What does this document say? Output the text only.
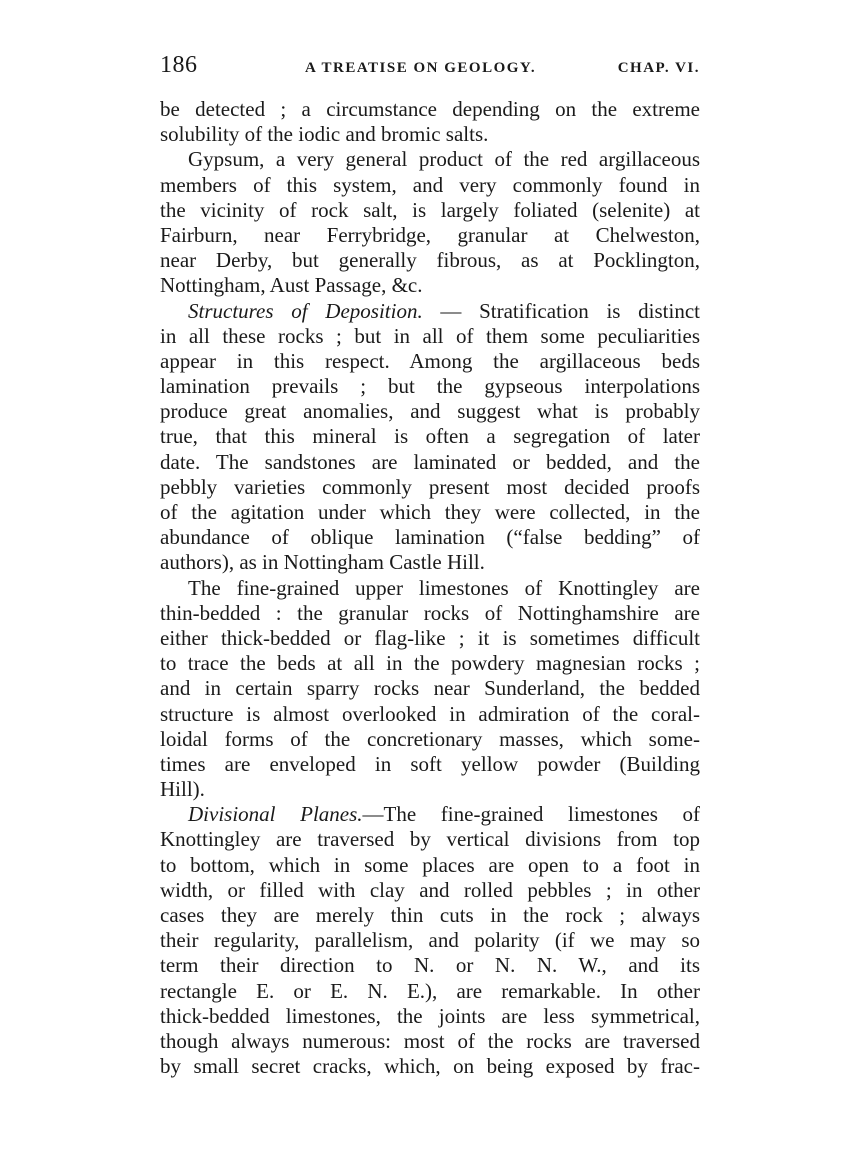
186	A TREATISE ON GEOLOGY.	CHAP. VI.
be detected ; a circumstance depending on the extreme
solubility of the iodic and bromic salts.
Gypsum, a very general product of the red argillaceous
members of this system, and very commonly found in
the vicinity of rock salt, is largely foliated (selenite) at
Fairburn, near Ferrybridge, granular at Chelweston,
near Derby, but generally fibrous, as at Pocklington,
Nottingham, Aust Passage, &c.
Structures of Deposition. — Stratification is distinct
in all these rocks ; but in all of them some peculiarities
appear in this respect. Among the argillaceous beds
lamination prevails ; but the gypseous interpolations
produce great anomalies, and suggest what is probably
true, that this mineral is often a segregation of later
date. The sandstones are laminated or bedded, and the
pebbly varieties commonly present most decided proofs
of the agitation under which they were collected, in the
abundance of oblique lamination (“false bedding” of
authors), as in Nottingham Castle Hill.
The fine-grained upper limestones of Knottingley are
thin-bedded : the granular rocks of Nottinghamshire are
either thick-bedded or flag-like ; it is sometimes difficult
to trace the beds at all in the powdery magnesian rocks ;
and in certain sparry rocks near Sunderland, the bedded
structure is almost overlooked in admiration of the coral-
loidal forms of the concretionary masses, which some-
times are enveloped in soft yellow powder (Building
Hill).
Divisional Planes.—The fine-grained limestones of
Knottingley are traversed by vertical divisions from top
to bottom, which in some places are open to a foot in
width, or filled with clay and rolled pebbles ; in other
cases they are merely thin cuts in the rock ; always
their regularity, parallelism, and polarity (if we may so
term their direction to N. or N. N. W., and its
rectangle E. or E. N. E.), are remarkable. In other
thick-bedded limestones, the joints are less symmetrical,
though always numerous: most of the rocks are traversed
by small secret cracks, which, on being exposed by frac-
